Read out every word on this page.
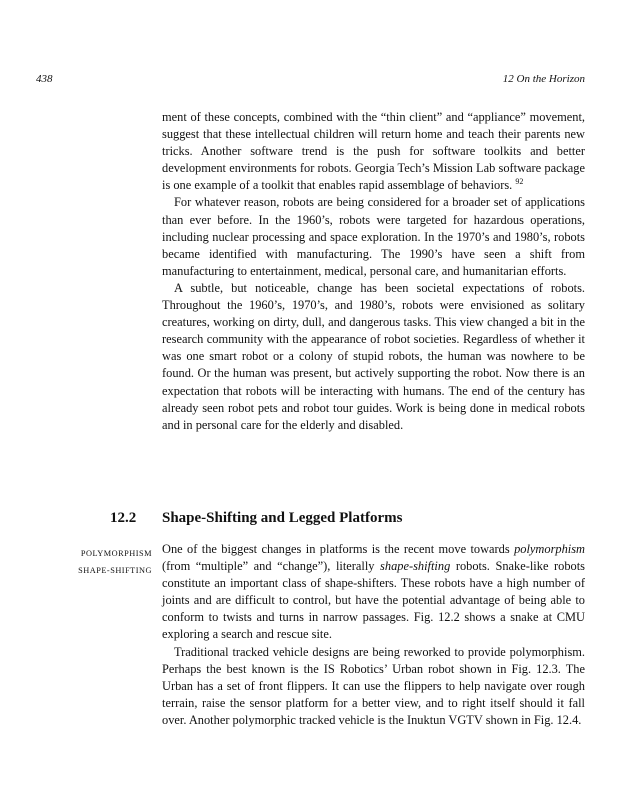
438	12 On the Horizon

ment of these concepts, combined with the “thin client” and “appliance” movement, suggest that these intellectual children will return home and teach their parents new tricks. Another software trend is the push for software toolkits and better development environments for robots. Georgia Tech’s Mission Lab software package is one example of a toolkit that enables rapid assemblage of behaviors. $^{92}$

For whatever reason, robots are being considered for a broader set of applications than ever before. In the 1960’s, robots were targeted for hazardous operations, including nuclear processing and space exploration. In the 1970’s and 1980’s, robots became identified with manufacturing. The 1990’s have seen a shift from manufacturing to entertainment, medical, personal care, and humanitarian efforts.

A subtle, but noticeable, change has been societal expectations of robots. Throughout the 1960’s, 1970’s, and 1980’s, robots were envisioned as solitary creatures, working on dirty, dull, and dangerous tasks. This view changed a bit in the research community with the appearance of robot societies. Regardless of whether it was one smart robot or a colony of stupid robots, the human was nowhere to be found. Or the human was present, but actively supporting the robot. Now there is an expectation that robots will be interacting with humans. The end of the century has already seen robot pets and robot tour guides. Work is being done in medical robots and in personal care for the elderly and disabled.

12.2 Shape-Shifting and Legged Platforms
POLYMORPHISM
SHAPE-SHIFTING

One of the biggest changes in platforms is the recent move towards polymorphism (from “multiple” and “change”), literally shape-shifting robots. Snake-like robots constitute an important class of shape-shifters. These robots have a high number of joints and are difficult to control, but have the potential advantage of being able to conform to twists and turns in narrow passages. Fig. 12.2 shows a snake at CMU exploring a search and rescue site.

Traditional tracked vehicle designs are being reworked to provide polymorphism. Perhaps the best known is the IS Robotics’ Urban robot shown in Fig. 12.3. The Urban has a set of front flippers. It can use the flippers to help navigate over rough terrain, raise the sensor platform for a better view, and to right itself should it fall over. Another polymorphic tracked vehicle is the Inuktun VGTV shown in Fig. 12.4.
